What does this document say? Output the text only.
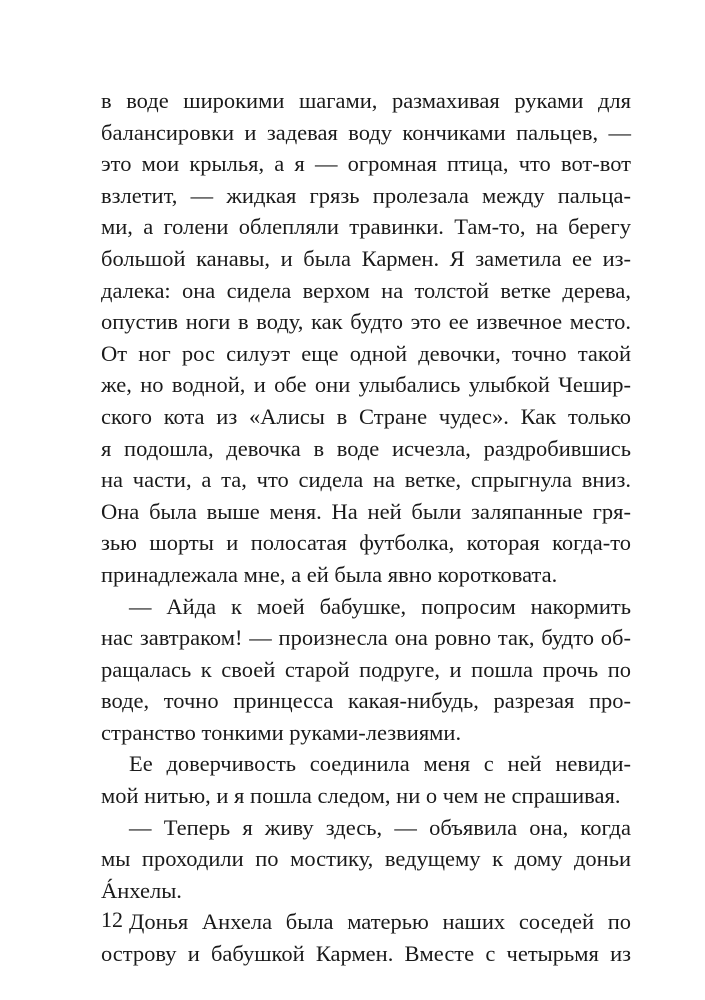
в воде широкими шагами, размахивая руками для
балансировки и задевая воду кончиками пальцев, —
это мои крылья, а я — огромная птица, что вот-вот
взлетит, — жидкая грязь пролезала между пальца-
ми, а голени облепляли травинки. Там-то, на берегу
большой канавы, и была Кармен. Я заметила ее из-
далека: она сидела верхом на толстой ветке дерева,
опустив ноги в воду, как будто это ее извечное место.
От ног рос силуэт еще одной девочки, точно такой
же, но водной, и обе они улыбались улыбкой Чешир-
ского кота из «Алисы в Стране чудес». Как только
я подошла, девочка в воде исчезла, раздробившись
на части, а та, что сидела на ветке, спрыгнула вниз.
Она была выше меня. На ней были заляпанные гря-
зью шорты и полосатая футболка, которая когда-то
принадлежала мне, а ей была явно коротковата.
— Айда к моей бабушке, попросим накормить
нас завтраком! — произнесла она ровно так, будто об-
ращалась к своей старой подруге, и пошла прочь по
воде, точно принцесса какая-нибудь, разрезая про-
странство тонкими руками-лезвиями.
Ее доверчивость соединила меня с ней невиди-
мой нитью, и я пошла следом, ни о чем не спрашивая.
— Теперь я живу здесь, — объявила она, когда
мы проходили по мостику, ведущему к дому доньи
Áнхелы.
Донья Анхела была матерью наших соседей по
острову и бабушкой Кармен. Вместе с четырьмя из
12
